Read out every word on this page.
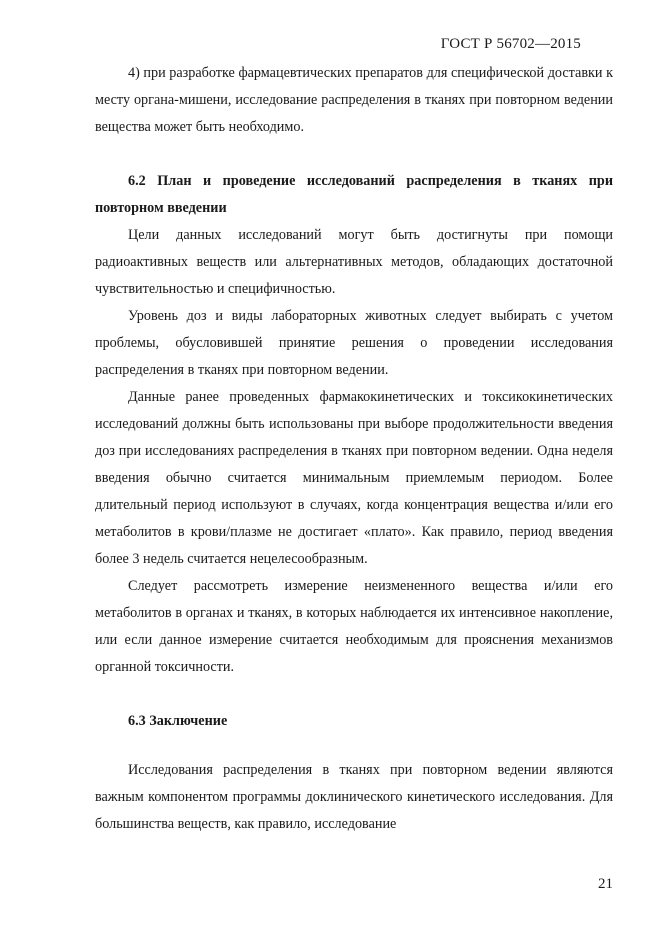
ГОСТ Р 56702—2015

4) при разработке фармацевтических препаратов для специфической доставки к месту органа-мишени, исследование распределения в тканях при повторном ведении вещества может быть необходимо.

6.2 План и проведение исследований распределения в тканях при повторном введении

Цели данных исследований могут быть достигнуты при помощи радиоактивных веществ или альтернативных методов, обладающих достаточной чувствительностью и специфичностью.

Уровень доз и виды лабораторных животных следует выбирать с учетом проблемы, обусловившей принятие решения о проведении исследования распределения в тканях при повторном ведении.

Данные ранее проведенных фармакокинетических и токсикокинетических исследований должны быть использованы при выборе продолжительности введения доз при исследованиях распределения в тканях при повторном ведении. Одна неделя введения обычно считается минимальным приемлемым периодом. Более длительный период используют в случаях, когда концентрация вещества и/или его метаболитов в крови/плазме не достигает «плато». Как правило, период введения более 3 недель считается нецелесообразным.

Следует рассмотреть измерение неизмененного вещества и/или его метаболитов в органах и тканях, в которых наблюдается их интенсивное накопление, или если данное измерение считается необходимым для прояснения механизмов органной токсичности.

6.3 Заключение

Исследования распределения в тканях при повторном ведении являются важным компонентом программы доклинического кинетического исследования. Для большинства веществ, как правило, исследование

21
